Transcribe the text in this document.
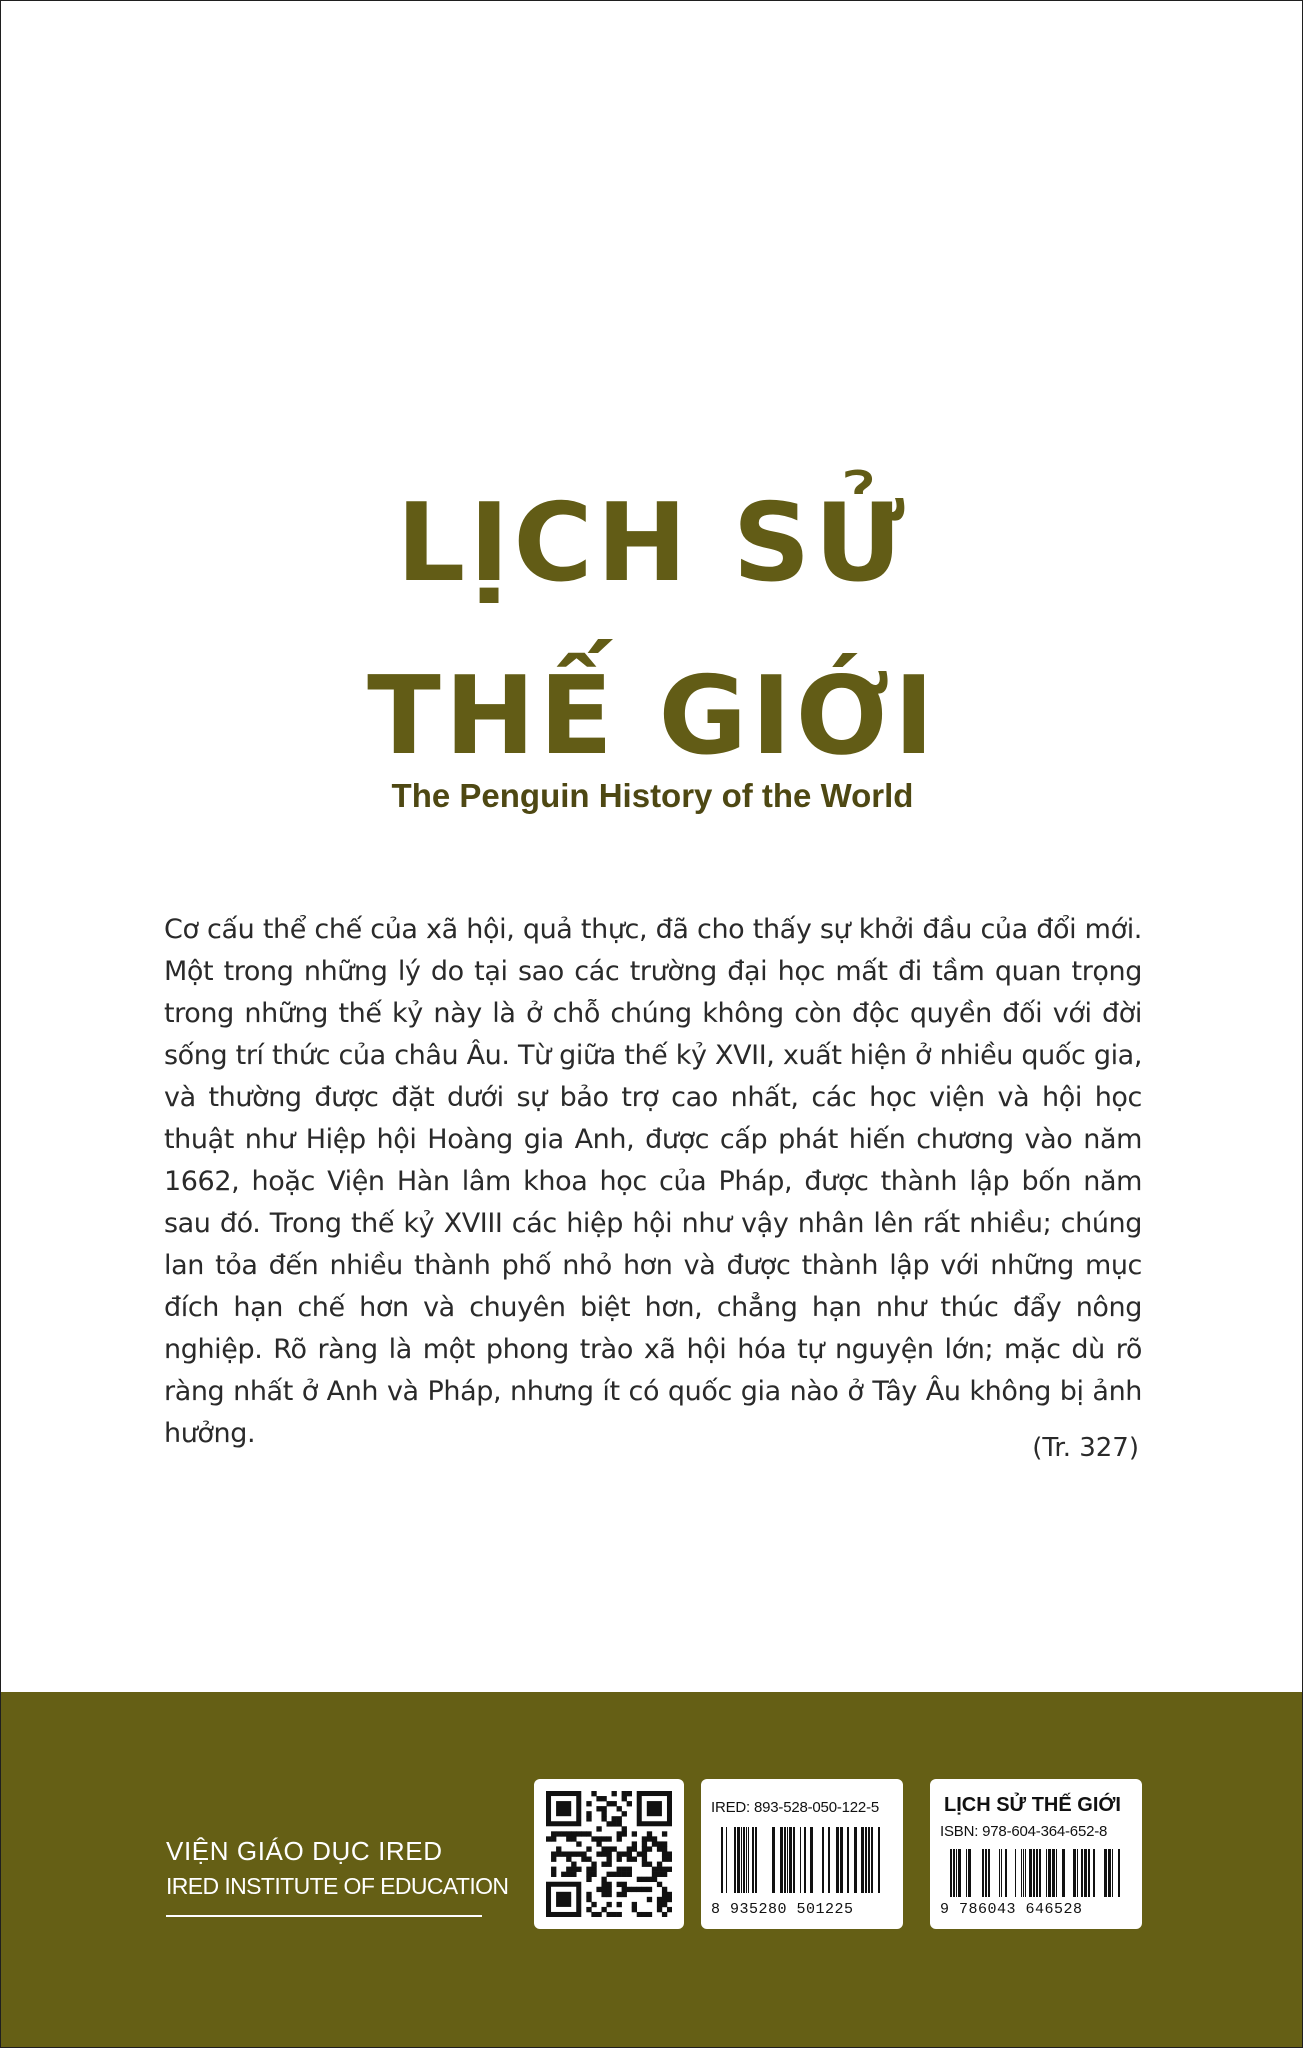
LỊCH SỬ
THẾ GIỚI
The Penguin History of the World

Cơ cấu thể chế của xã hội, quả thực, đã cho thấy sự khởi đầu của đổi mới. Một trong những lý do tại sao các trường đại học mất đi tầm quan trọng trong những thế kỷ này là ở chỗ chúng không còn độc quyền đối với đời sống trí thức của châu Âu. Từ giữa thế kỷ XVII, xuất hiện ở nhiều quốc gia, và thường được đặt dưới sự bảo trợ cao nhất, các học viện và hội học thuật như Hiệp hội Hoàng gia Anh, được cấp phát hiến chương vào năm 1662, hoặc Viện Hàn lâm khoa học của Pháp, được thành lập bốn năm sau đó. Trong thế kỷ XVIII các hiệp hội như vậy nhân lên rất nhiều; chúng lan tỏa đến nhiều thành phố nhỏ hơn và được thành lập với những mục đích hạn chế hơn và chuyên biệt hơn, chẳng hạn như thúc đẩy nông nghiệp. Rõ ràng là một phong trào xã hội hóa tự nguyện lớn; mặc dù rõ ràng nhất ở Anh và Pháp, nhưng ít có quốc gia nào ở Tây Âu không bị ảnh hưởng.	(Tr. 327)
VIỆN GIÁO DỤC IRED
IRED INSTITUTE OF EDUCATION
IRED: 893-528-050-122-5
8 935280 501225
LỊCH SỬ THẾ GIỚI
ISBN: 978-604-364-652-8
9 786043 646528
